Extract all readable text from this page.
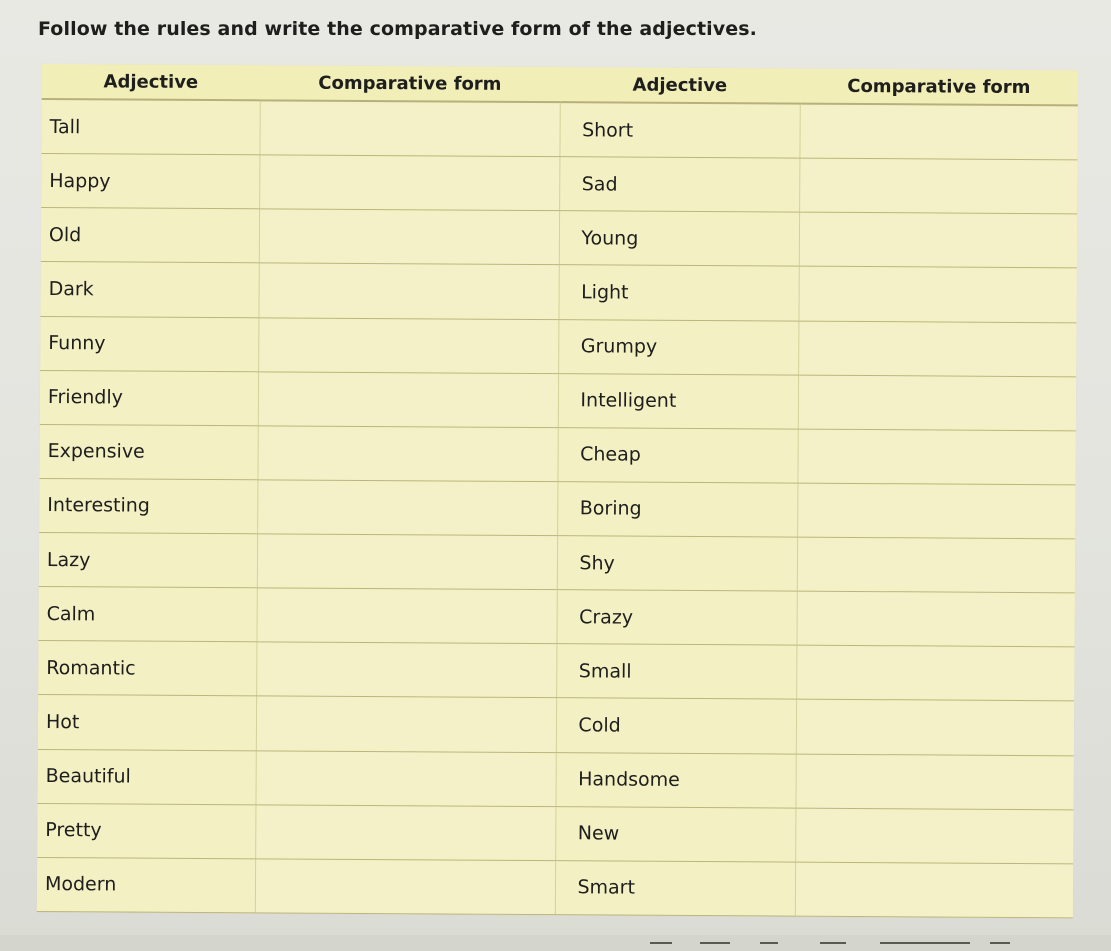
Follow the rules and write the comparative form of the adjectives.
Adjective	Comparative form	Adjective	Comparative form
Tall		Short	
Happy		Sad	
Old		Young	
Dark		Light	
Funny		Grumpy	
Friendly		Intelligent	
Expensive		Cheap	
Interesting		Boring	
Lazy		Shy	
Calm		Crazy	
Romantic		Small	
Hot		Cold	
Beautiful		Handsome	
Pretty		New	
Modern		Smart	
